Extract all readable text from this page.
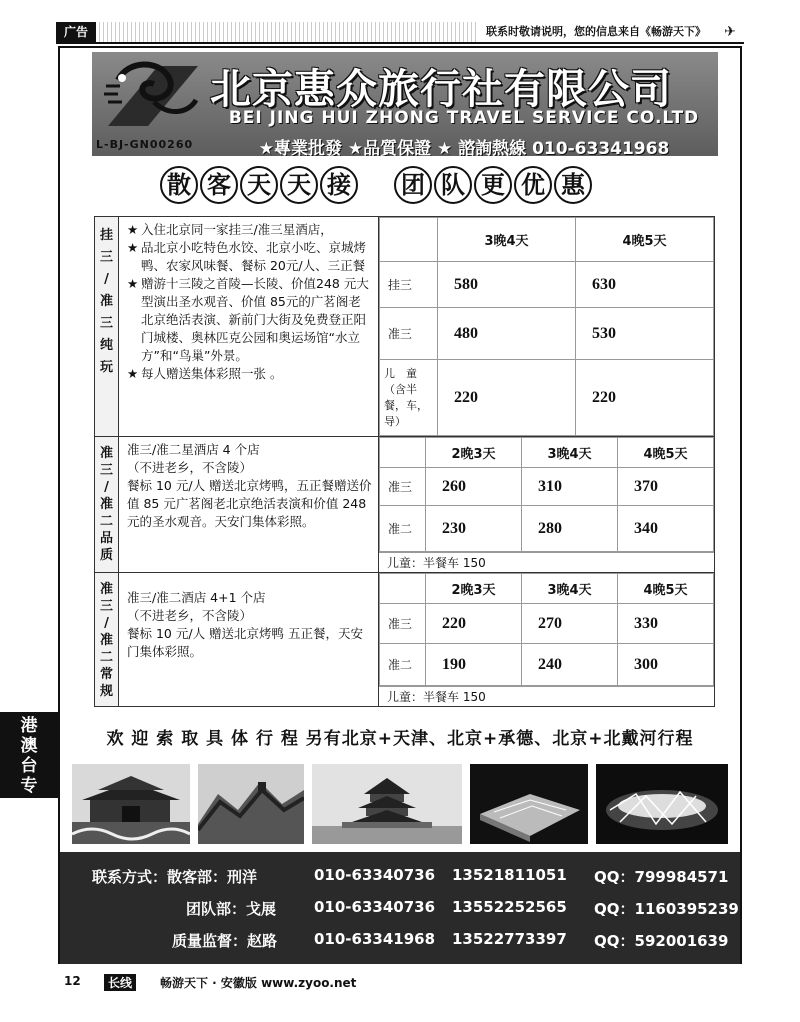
广告	联系时敬请说明，您的信息来自《畅游天下》	✈
L-BJ-GN00260
北京惠众旅行社有限公司
BEI JING HUI ZHONG TRAVEL SERVICE CO.LTD
★專業批發 ★品質保證 ★ 諮詢熱線 010-63341968
散 客 天 天 接 团 队 更 优 惠
挂
三
/
准
三
纯
玩

★ 入住北京同一家挂三/准三星酒店，

★ 品北京小吃特色水饺、北京小吃、京城烤鸭、农家风味餐、餐标 20元/人、三正餐

★ 赠游十三陵之首陵—长陵、价值248 元大型演出圣水观音、价值 85元的广茗阁老北京绝活表演、新前门大街及免费登正阳门城楼、奥林匹克公园和奥运场馆“水立方”和“鸟巢”外景。

★ 每人赠送集体彩照一张 。

	3晚4天	4晚5天
挂三	580	630
准三	480	530
儿　童（含半餐，车，导）	220	220

准
三
/
准
二
品
质

准三/准二星酒店 4 个店

（不进老乡，不含陵）

餐标 10 元/人 赠送北京烤鸭，五正餐赠送价值 85 元广茗阁老北京绝活表演和价值 248 元的圣水观音。天安门集体彩照。

	2晚3天	3晚4天	4晚5天
准三	260	310	370
准二	230	280	340
儿童：半餐车 150

准
三
/
准
二
常
规

准三/准二酒店 4+1 个店

（不进老乡，不含陵）

餐标 10 元/人 赠送北京烤鸭 五正餐，天安门集体彩照。

	2晚3天	3晚4天	4晚5天
准三	220	270	330
准二	190	240	300
儿童：半餐车 150
欢 迎 索 取 具 体 行 程 另有北京+天津、北京+承德、北京+北戴河行程
港
澳
台
专
联系方式：散客部：刑洋	010-63340736 13521811051 QQ：799984571
团队部：戈展	010-63340736 13552252565 QQ：1160395239
质量监督：赵路 010-63341968 13522773397 QQ：592001639
12	长线	畅游天下 · 安徽版 www.zyoo.net
